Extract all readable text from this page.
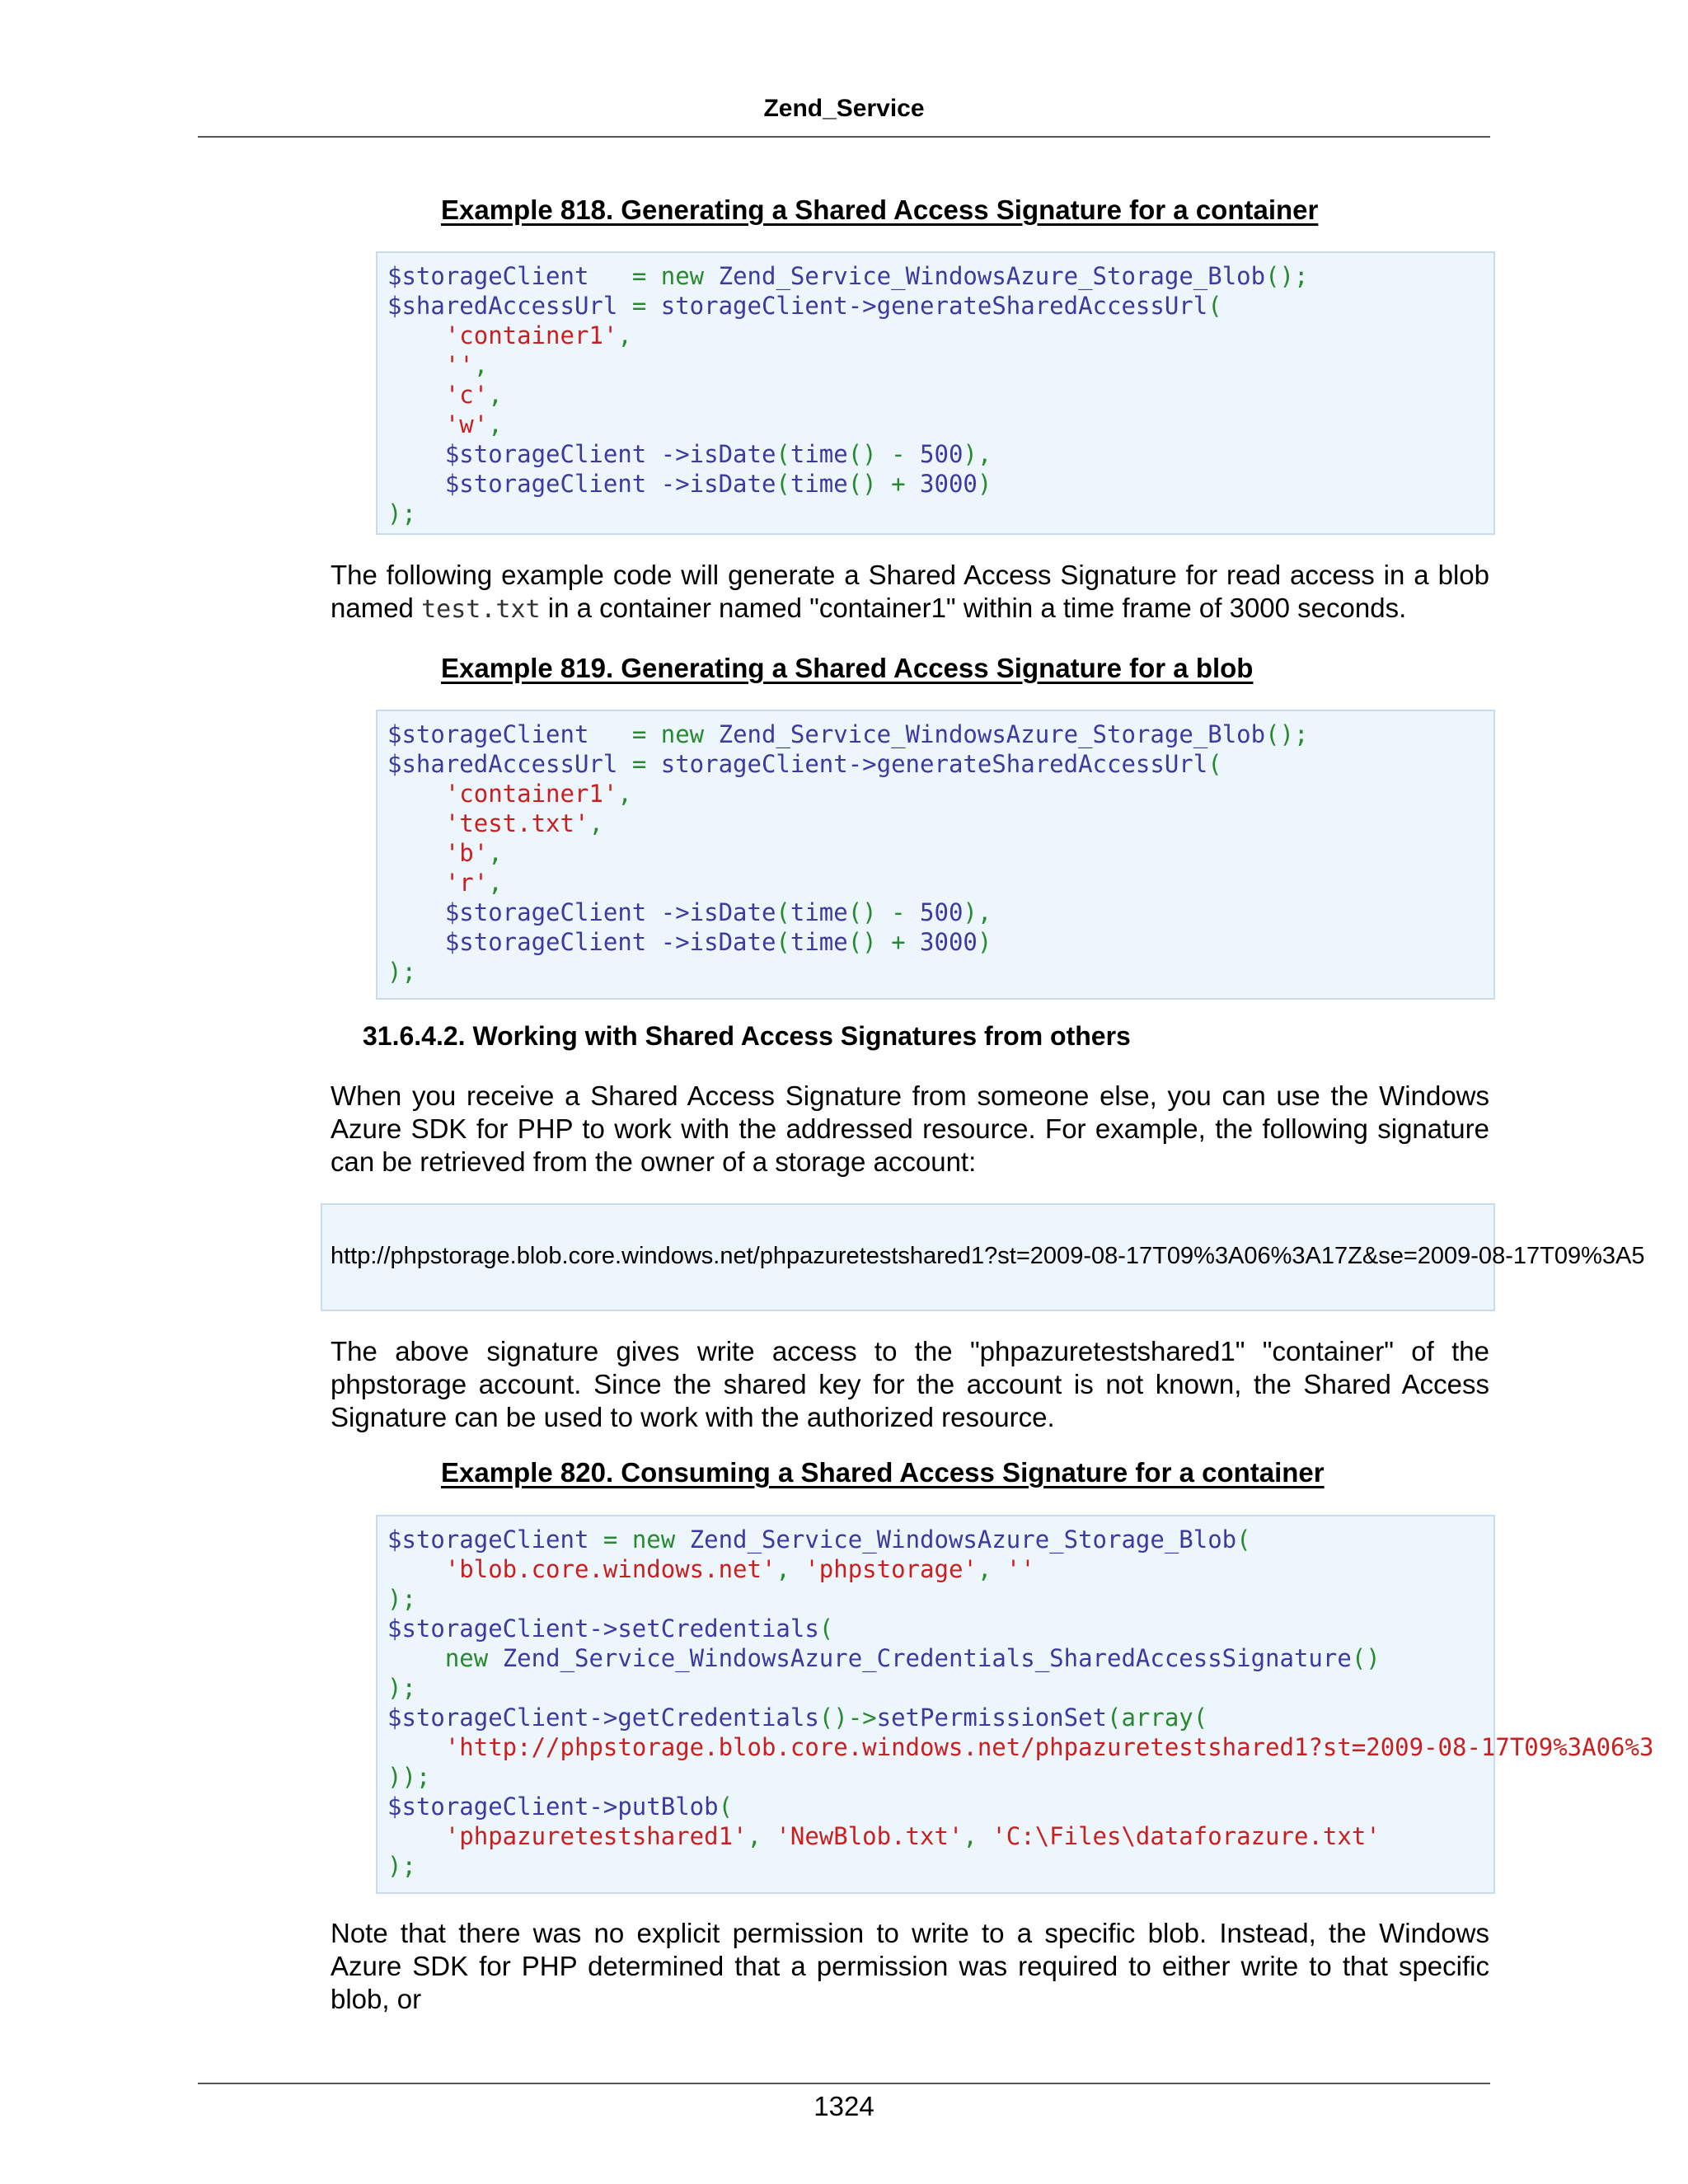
Zend_Service
Example 818. Generating a Shared Access Signature for a container
$storageClient = new Zend_Service_WindowsAzure_Storage_Blob();
$sharedAccessUrl = storageClient->generateSharedAccessUrl(
'container1',
'',
'c',
'w',
$storageClient ->isDate(time() - 500),
$storageClient ->isDate(time() + 3000)
);

The following example code will generate a Shared Access Signature for read access in a blob named test.txt in a container named "container1" within a time frame of 3000 seconds.

Example 819. Generating a Shared Access Signature for a blob
$storageClient = new Zend_Service_WindowsAzure_Storage_Blob();
$sharedAccessUrl = storageClient->generateSharedAccessUrl(
'container1',
'test.txt',
'b',
'r',
$storageClient ->isDate(time() - 500),
$storageClient ->isDate(time() + 3000)
);
31.6.4.2. Working with Shared Access Signatures from others

When you receive a Shared Access Signature from someone else, you can use the Windows Azure SDK for PHP to work with the addressed resource. For example, the following signature can be retrieved from the owner of a storage account:

http://phpstorage.blob.core.windows.net/phpazuretestshared1?st=2009-08-17T09%3A06%3A17Z&se=2009-08-17T09%3A5

The above signature gives write access to the "phpazuretestshared1" "container" of the phpstorage account. Since the shared key for the account is not known, the Shared Access Signature can be used to work with the authorized resource.

Example 820. Consuming a Shared Access Signature for a container
$storageClient = new Zend_Service_WindowsAzure_Storage_Blob(
'blob.core.windows.net', 'phpstorage', ''
);
$storageClient->setCredentials(
new Zend_Service_WindowsAzure_Credentials_SharedAccessSignature()
);
$storageClient->getCredentials()->setPermissionSet(array(
'http://phpstorage.blob.core.windows.net/phpazuretestshared1?st=2009-08-17T09%3A06%3
));
$storageClient->putBlob(
'phpazuretestshared1', 'NewBlob.txt', 'C:\Files\dataforazure.txt'
);

Note that there was no explicit permission to write to a specific blob. Instead, the Windows Azure SDK for PHP determined that a permission was required to either write to that specific blob, or

1324
